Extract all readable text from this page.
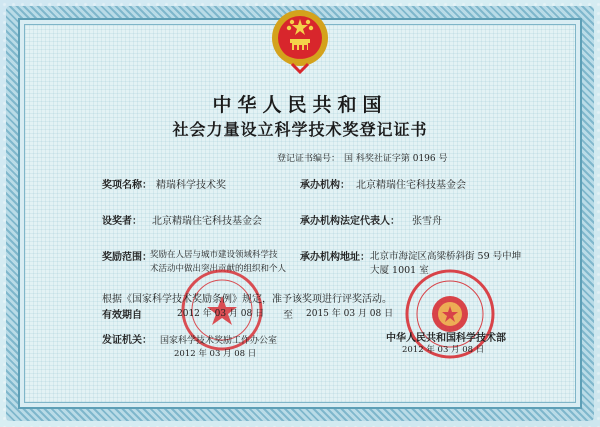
中华人民共和国
社会力量设立科学技术奖登记证书
登记证书编号： 国 科奖社证字第 0196 号
奖项名称： 精瑞科学技术奖	承办机构： 北京精瑞住宅科技基金会
设奖者： 北京精瑞住宅科技基金会	承办机构法定代表人： 张雪舟
奖励范围：
奖励在人居与城市建设领域科学技
术活动中做出突出贡献的组织和个人
承办机构地址： 北京市海淀区高梁桥斜街 59 号中坤
大厦 1001 室
根据《国家科学技术奖励条例》规定，准予该奖项进行评奖活动。
有效期自	2012 年 03 月 08 日 至 2015 年 03 月 08 日
发证机关： 国家科学技术奖励工作办公室
2012 年 03 月 08 日
中华人民共和国科学技术部
2012 年 03 月 08 日
